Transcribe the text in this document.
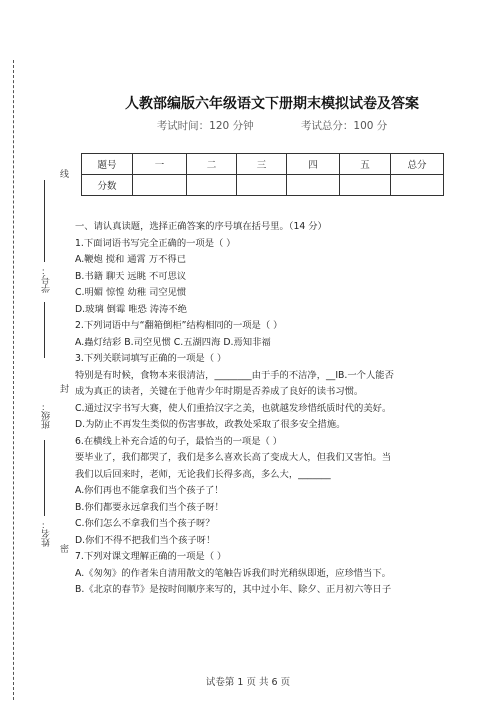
线
学号：
封
班级：
姓名：
密
人教部编版六年级语文下册期末模拟试卷及答案
考试时间：120 分钟	考试总分：100 分
题号	一	二	三	四	五	总分
分数						

一、请认真读题，选择正确答案的序号填在括号里。（14 分）

1.下面词语书写完全正确的一项是（ ）

A.鞭炮 搅和 通霄 万不得已

B.书籍 聊天 远眺 不可思议

C.明媚 惊惶 幼稚 司空见惯

D.玻璃 倒霉 唯恐 涛涛不绝

2.下列词语中与“翻箱倒柜”结构相同的一项是（ ）

A.蟲灯结彩 B.司空见惯 C.五湖四海 D.焉知非福

3.下列关联词填写正确的一项是（ ）

特别是有时候，食物本来很清洁，________由于手的不洁净，__IB.一个人能否

成为真正的读者，关键在于他青少年时期是否养成了良好的读书习惯。

C.通过汉字书写大赛，使人们重拾汉字之美，也就越发珍惜纸质时代的美好。

D.为防止不再发生类似的伤害事故，政教处采取了很多安全措施。

6.在横线上补充合适的句子，最恰当的一项是（ ）

要毕业了，我们都哭了，我们是多么喜欢长高了变成大人，但我们又害怕。当

我们以后回来时，老师，无论我们长得多高，多么大，_______

A.你们再也不能拿我们当个孩子了！

B.你们都要永远拿我们当个孩子呀！

C.你们怎么不拿我们当个孩子呀？

D.你们不得不把我们当个孩子呀！

7.下列对课文理解正确的一项是（ ）

A.《匆匆》的作者朱自清用散文的笔触告诉我们时光稍纵即逝，应珍惜当下。

B.《北京的春节》是按时间顺序来写的，其中过小年、除夕、正月初六等日子

试卷第 1 页 共 6 页
